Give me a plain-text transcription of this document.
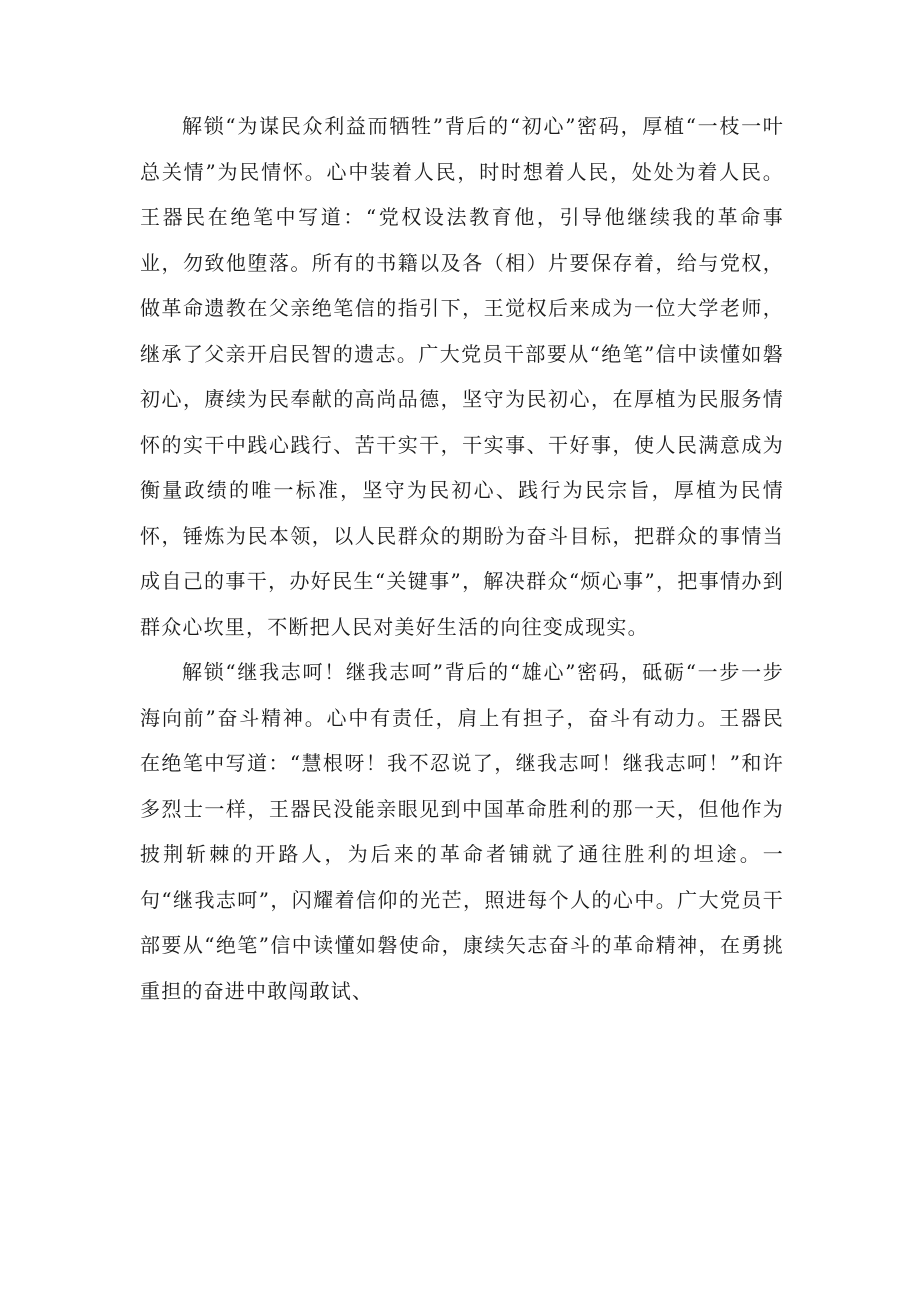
解锁“为谋民众利益而牺牲”背后的“初心”密码，厚植“一枝一叶总关情”为民情怀。心中装着人民，时时想着人民，处处为着人民。王器民在绝笔中写道：“党权设法教育他，引导他继续我的革命事业，勿致他堕落。所有的书籍以及各（相）片要保存着，给与党权，做革命遗教在父亲绝笔信的指引下，王觉权后来成为一位大学老师，继承了父亲开启民智的遗志。广大党员干部要从“绝笔”信中读懂如磐初心，赓续为民奉献的高尚品德，坚守为民初心，在厚植为民服务情怀的实干中践心践行、苦干实干，干实事、干好事，使人民满意成为衡量政绩的唯一标准，坚守为民初心、践行为民宗旨，厚植为民情怀，锤炼为民本领，以人民群众的期盼为奋斗目标，把群众的事情当成自己的事干，办好民生“关键事”，解决群众“烦心事”，把事情办到群众心坎里，不断把人民对美好生活的向往变成现实。

解锁“继我志呵！继我志呵”背后的“雄心”密码，砥砺“一步一步海向前”奋斗精神。心中有责任，肩上有担子，奋斗有动力。王器民在绝笔中写道：“慧根呀！我不忍说了，继我志呵！继我志呵！”和许多烈士一样，王器民没能亲眼见到中国革命胜利的那一天，但他作为披荆斩棘的开路人，为后来的革命者铺就了通往胜利的坦途。一句“继我志呵”，闪耀着信仰的光芒，照进每个人的心中。广大党员干部要从“绝笔”信中读懂如磐使命，康续矢志奋斗的革命精神，在勇挑重担的奋进中敢闯敢试、
